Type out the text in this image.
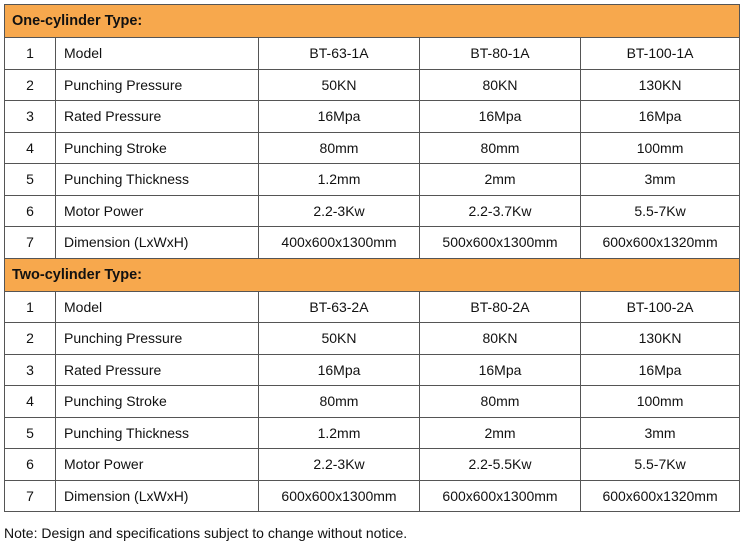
One-cylinder Type:				
1	Model	BT-63-1A	BT-80-1A	BT-100-1A
2	Punching Pressure	50KN	80KN	130KN
3	Rated Pressure	16Mpa	16Mpa	16Mpa
4	Punching Stroke	80mm	80mm	100mm
5	Punching Thickness	1.2mm	2mm	3mm
6	Motor Power	2.2-3Kw	2.2-3.7Kw	5.5-7Kw
7	Dimension (LxWxH)	400x600x1300mm	500x600x1300mm	600x600x1320mm
Two-cylinder Type:				
1	Model	BT-63-2A	BT-80-2A	BT-100-2A
2	Punching Pressure	50KN	80KN	130KN
3	Rated Pressure	16Mpa	16Mpa	16Mpa
4	Punching Stroke	80mm	80mm	100mm
5	Punching Thickness	1.2mm	2mm	3mm
6	Motor Power	2.2-3Kw	2.2-5.5Kw	5.5-7Kw
7	Dimension (LxWxH)	600x600x1300mm	600x600x1300mm	600x600x1320mm
Note: Design and specifications subject to change without notice.
